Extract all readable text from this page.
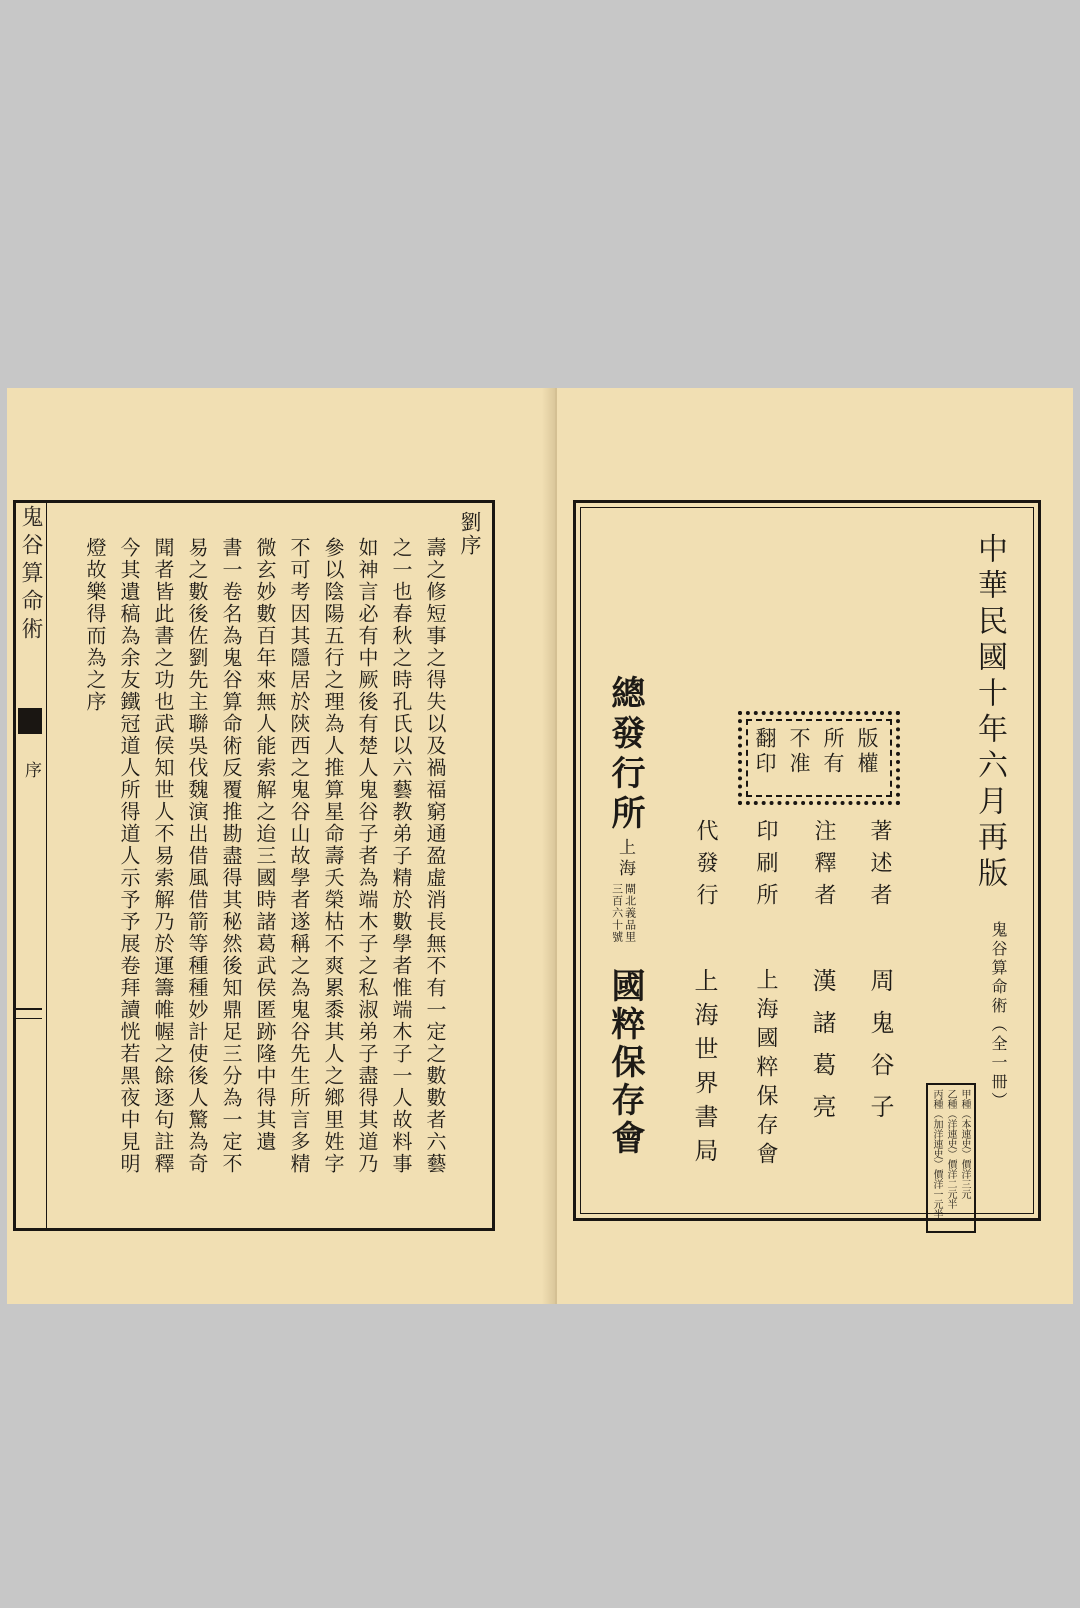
鬼谷算命術
序
劉序
壽之修短事之得失以及禍福窮通盈虛消長無不有一定之數數者六藝
之一也春秋之時孔氏以六藝教弟子精於數學者惟端木子一人故料事
如神言必有中厥後有楚人鬼谷子者為端木子之私淑弟子盡得其道乃
參以陰陽五行之理為人推算星命壽夭榮枯不爽累黍其人之鄉里姓字
不可考因其隱居於陝西之鬼谷山故學者遂稱之為鬼谷先生所言多精
微玄妙數百年來無人能索解之迨三國時諸葛武侯匿跡隆中得其遺
書一卷名為鬼谷算命術反覆推勘盡得其秘然後知鼎足三分為一定不
易之數後佐劉先主聯吳伐魏演出借風借箭等種種妙計使後人驚為奇
聞者皆此書之功也武侯知世人不易索解乃於運籌帷幄之餘逐句註釋
今其遺稿為余友鐵冠道人所得道人示予予展卷拜讀恍若黑夜中見明
燈故樂得而為之序	中華民國十年六月再版
版權
所有
不准
翻印
鬼谷算命術（全一冊）
甲種（本連史）價洋三元
乙種（洋連史）價洋二元半
丙種（加洋連史）價洋一元半
著述者
周鬼谷子
注釋者
漢諸葛亮
印刷所
上海國粹保存會
代發行
上海世界書局
總發行所
上海
閘北義品里
三百六十號
國粹保存會
